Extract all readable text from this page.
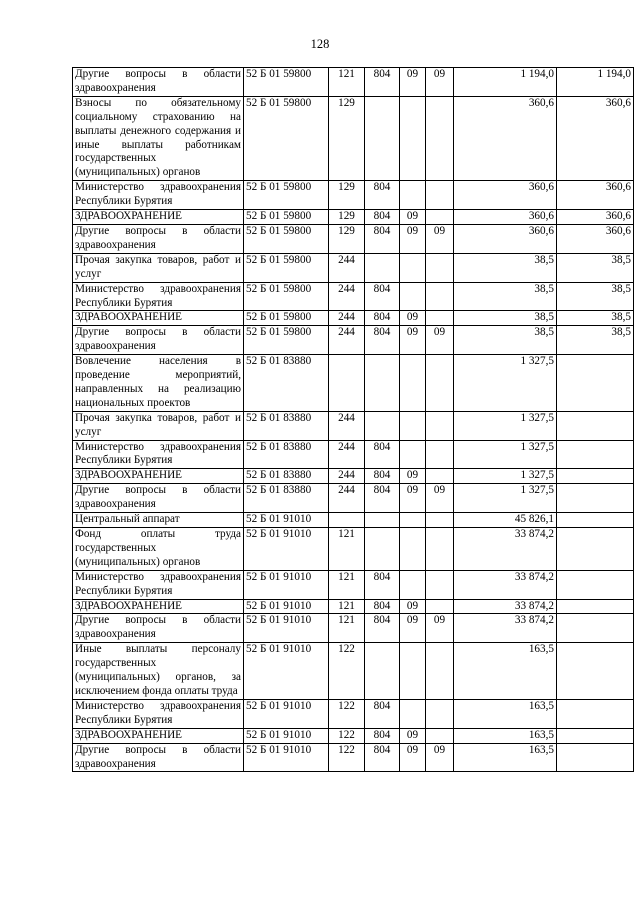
128
Другие вопросы в области здравоохранения	52 Б 01 59800	121	804	09	09	1 194,0	1 194,0
Взносы по обязательному социальному страхованию на выплаты денежного содержания и иные выплаты работникам государственных (муниципальных) органов	52 Б 01 59800	129				360,6	360,6
Министерство здравоохранения Республики Бурятия	52 Б 01 59800	129	804			360,6	360,6
ЗДРАВООХРАНЕНИЕ	52 Б 01 59800	129	804	09		360,6	360,6
Другие вопросы в области здравоохранения	52 Б 01 59800	129	804	09	09	360,6	360,6
Прочая закупка товаров, работ и услуг	52 Б 01 59800	244				38,5	38,5
Министерство здравоохранения Республики Бурятия	52 Б 01 59800	244	804			38,5	38,5
ЗДРАВООХРАНЕНИЕ	52 Б 01 59800	244	804	09		38,5	38,5
Другие вопросы в области здравоохранения	52 Б 01 59800	244	804	09	09	38,5	38,5
Вовлечение населения в проведение мероприятий, направленных на реализацию национальных проектов	52 Б 01 83880					1 327,5	
Прочая закупка товаров, работ и услуг	52 Б 01 83880	244				1 327,5	
Министерство здравоохранения Республики Бурятия	52 Б 01 83880	244	804			1 327,5	
ЗДРАВООХРАНЕНИЕ	52 Б 01 83880	244	804	09		1 327,5	
Другие вопросы в области здравоохранения	52 Б 01 83880	244	804	09	09	1 327,5	
Центральный аппарат	52 Б 01 91010					45 826,1	
Фонд оплаты труда государственных (муниципальных) органов	52 Б 01 91010	121				33 874,2	
Министерство здравоохранения Республики Бурятия	52 Б 01 91010	121	804			33 874,2	
ЗДРАВООХРАНЕНИЕ	52 Б 01 91010	121	804	09		33 874,2	
Другие вопросы в области здравоохранения	52 Б 01 91010	121	804	09	09	33 874,2	
Иные выплаты персоналу государственных (муниципальных) органов, за исключением фонда оплаты труда	52 Б 01 91010	122				163,5	
Министерство здравоохранения Республики Бурятия	52 Б 01 91010	122	804			163,5	
ЗДРАВООХРАНЕНИЕ	52 Б 01 91010	122	804	09		163,5	
Другие вопросы в области здравоохранения	52 Б 01 91010	122	804	09	09	163,5	
